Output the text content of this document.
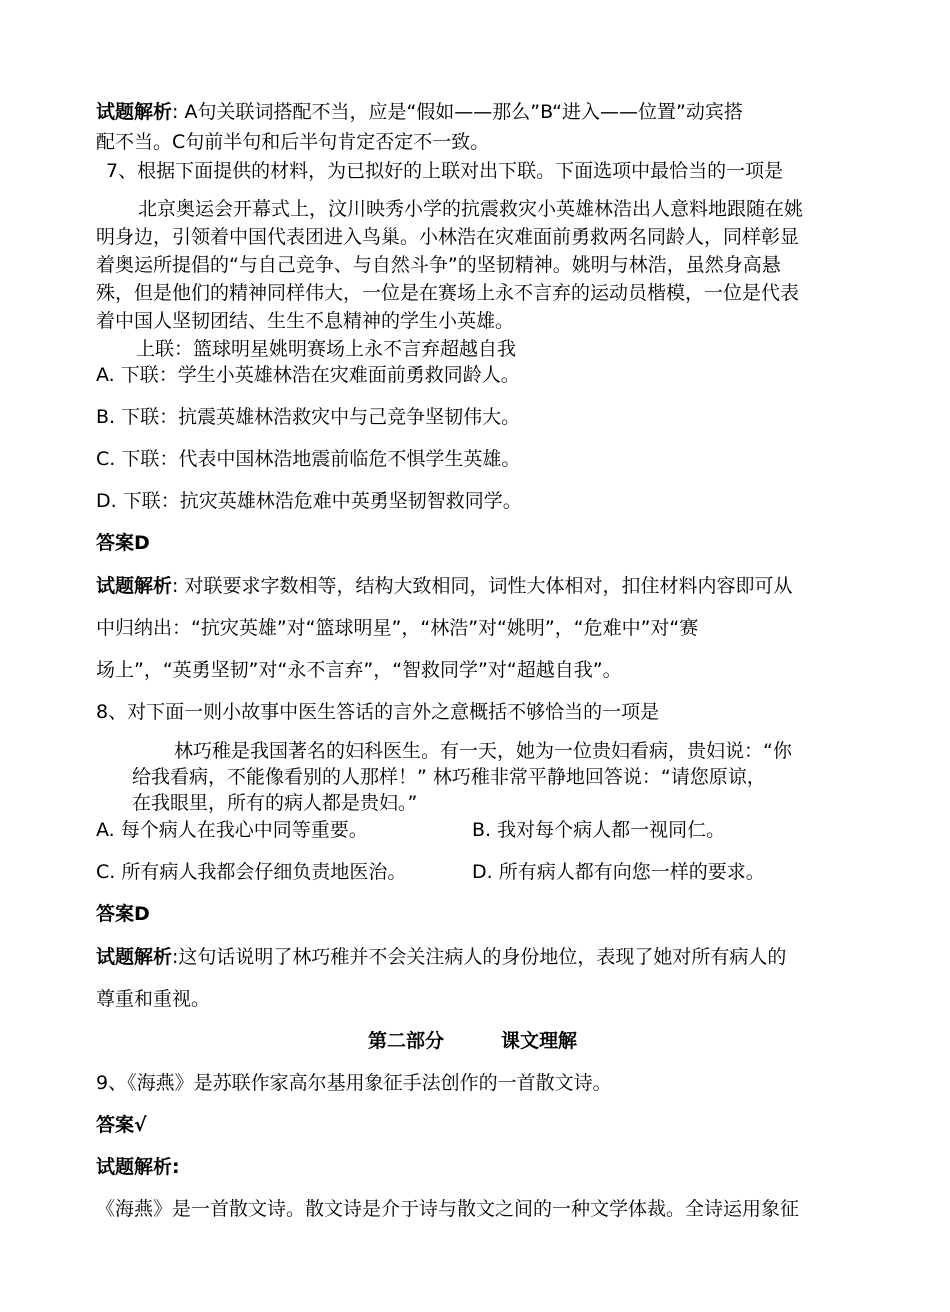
试题解析: A句关联词搭配不当，应是“假如——那么”B“进入——位置”动宾搭
配不当。C句前半句和后半句肯定否定不一致。
7、根据下面提供的材料，为已拟好的上联对出下联。下面选项中最恰当的一项是
北京奥运会开幕式上，汶川映秀小学的抗震救灾小英雄林浩出人意料地跟随在姚
明身边，引领着中国代表团进入鸟巢。小林浩在灾难面前勇救两名同龄人，同样彰显
着奥运所提倡的“与自己竞争、与自然斗争”的坚韧精神。姚明与林浩，虽然身高悬
殊，但是他们的精神同样伟大，一位是在赛场上永不言弃的运动员楷模，一位是代表
着中国人坚韧团结、生生不息精神的学生小英雄。
上联：篮球明星姚明赛场上永不言弃超越自我
A. 下联：学生小英雄林浩在灾难面前勇救同龄人。
B. 下联：抗震英雄林浩救灾中与己竞争坚韧伟大。
C. 下联：代表中国林浩地震前临危不惧学生英雄。
D. 下联：抗灾英雄林浩危难中英勇坚韧智救同学。
答案D
试题解析: 对联要求字数相等，结构大致相同，词性大体相对，扣住材料内容即可从
中归纳出：“抗灾英雄”对“篮球明星”，“林浩”对“姚明”，“危难中”对“赛
场上”，“英勇坚韧”对“永不言弃”，“智救同学”对“超越自我”。
8、对下面一则小故事中医生答话的言外之意概括不够恰当的一项是
林巧稚是我国著名的妇科医生。有一天，她为一位贵妇看病，贵妇说：“你
给我看病，不能像看别的人那样！” 林巧稚非常平静地回答说：“请您原谅，
在我眼里，所有的病人都是贵妇。”
A. 每个病人在我心中同等重要。	B. 我对每个病人都一视同仁。
C. 所有病人我都会仔细负责地医治。	D. 所有病人都有向您一样的要求。
答案D
试题解析:这句话说明了林巧稚并不会关注病人的身份地位，表现了她对所有病人的
尊重和重视。
第二部分	课文理解
9、《海燕》是苏联作家高尔基用象征手法创作的一首散文诗。
答案√
试题解析:
《海燕》是一首散文诗。散文诗是介于诗与散文之间的一种文学体裁。全诗运用象征
